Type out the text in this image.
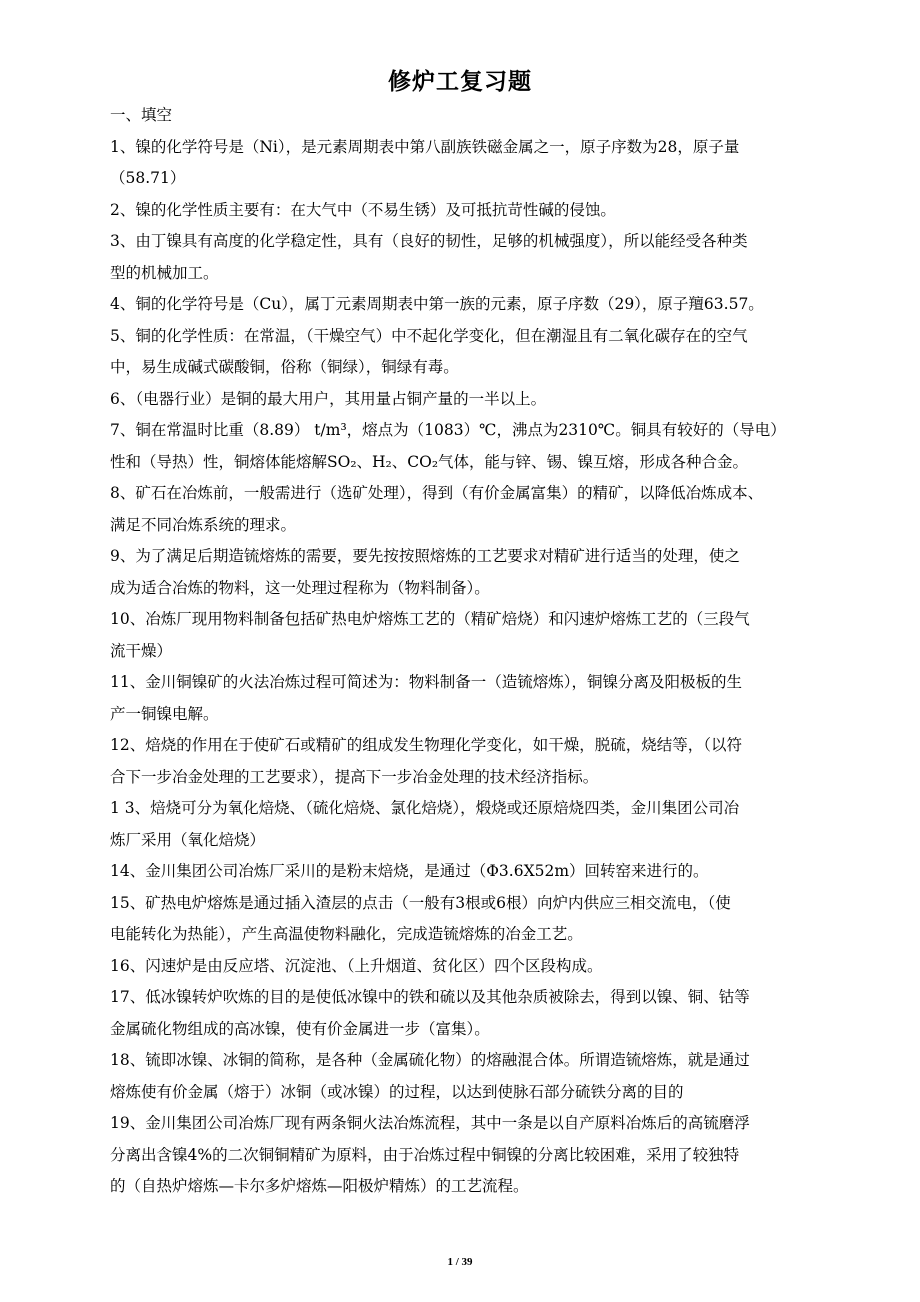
修炉工复习题
一、填空
1、镍的化学符号是（Ni），是元素周期表中第八副族铁磁金属之一，原子序数为28，原子量
（58.71）
2、镍的化学性质主要有：在大气中（不易生锈）及可抵抗苛性碱的侵蚀。
3、由丁镍具有高度的化学稳定性，具有（良好的韧性，足够的机械强度），所以能经受各种类
型的机械加工。
4、铜的化学符号是（Cu），属丁元素周期表中第一族的元素，原子序数（29），原子羶63.57。
5、铜的化学性质：在常温，（干燥空气）中不起化学变化，但在潮湿且有二氧化碳存在的空气
中，易生成碱式碳酸铜，俗称（铜绿），铜绿有毒。
6、（电器行业）是铜的最大用户，其用量占铜产量的一半以上。
7、铜在常温时比重（8.89） t/m³，熔点为（1083）℃，沸点为2310℃。铜具有较好的（导电）
性和（导热）性，铜熔体能熔解SO₂、H₂、CO₂气体，能与锌、锡、镍互熔，形成各种合金。
8、矿石在冶炼前，一般需进行（选矿处理），得到（有价金属富集）的精矿，以降低冶炼成本、
满足不同冶炼系统的理求。
9、为了满足后期造锍熔炼的需要，要先按按照熔炼的工艺要求对精矿进行适当的处理，使之
成为适合冶炼的物料，这一处理过程称为（物料制备）。
10、冶炼厂现用物料制备包括矿热电炉熔炼工艺的（精矿焙烧）和闪速炉熔炼工艺的（三段气
流干燥）
11、金川铜镍矿的火法冶炼过程可简述为：物料制备一（造锍熔炼），铜镍分离及阳极板的生
产一铜镍电解。
12、焙烧的作用在于使矿石或精矿的组成发生物理化学变化，如干燥，脱硫，烧结等，（以符
合下一步冶金处理的工艺要求），提高下一步冶金处理的技术经济指标。
1 3、焙烧可分为氧化焙烧、（硫化焙烧、氯化焙烧），煅烧或还原焙烧四类，金川集团公司冶
炼厂采用（氧化焙烧）
14、金川集团公司冶炼厂采川的是粉末焙烧，是通过（Φ3.6X52m）回转窑来进行的。
15、矿热电炉熔炼是通过插入渣层的点击（一般有3根或6根）向炉内供应三相交流电，（使
电能转化为热能），产生高温使物料融化，完成造锍熔炼的冶金工艺。
16、闪速炉是由反应塔、沉淀池、（上升烟道、贫化区）四个区段构成。
17、低冰镍转炉吹炼的目的是使低冰镍中的铁和硫以及其他杂质被除去，得到以镍、铜、钴等
金属硫化物组成的高冰镍，使有价金属进一步（富集）。
18、锍即冰镍、冰铜的简称，是各种（金属硫化物）的熔融混合体。所谓造锍熔炼，就是通过
熔炼使有价金属（熔于）冰铜（或冰镍）的过程，以达到使脉石部分硫铁分离的目的
19、金川集团公司冶炼厂现有两条铜火法冶炼流程，其中一条是以自产原料冶炼后的高锍磨浮
分离出含镍4%的二次铜铜精矿为原料，由于冶炼过程中铜镍的分离比较困难，采用了较独特
的（自热炉熔炼—卡尔多炉熔炼—阳极炉精炼）的工艺流程。
1 / 39
